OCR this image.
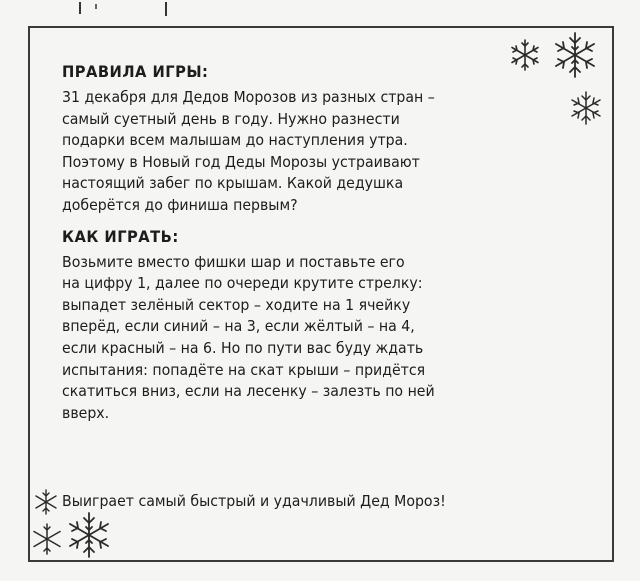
ПРАВИЛА ИГРЫ:

31 декабря для Дедов Морозов из разных стран –
самый суетный день в году. Нужно разнести
подарки всем малышам до наступления утра.
Поэтому в Новый год Деды Морозы устраивают
настоящий забег по крышам. Какой дедушка
доберётся до финиша первым?

КАК ИГРАТЬ:

Возьмите вместо фишки шар и поставьте его
на цифру 1, далее по очереди крутите стрелку:
выпадет зелёный сектор – ходите на 1 ячейку
вперёд, если синий – на 3, если жёлтый – на 4,
если красный – на 6. Но по пути вас буду ждать
испытания: попадёте на скат крыши – придётся
скатиться вниз, если на лесенку – залезть по ней
вверх.

Выиграет самый быстрый и удачливый Дед Мороз!
